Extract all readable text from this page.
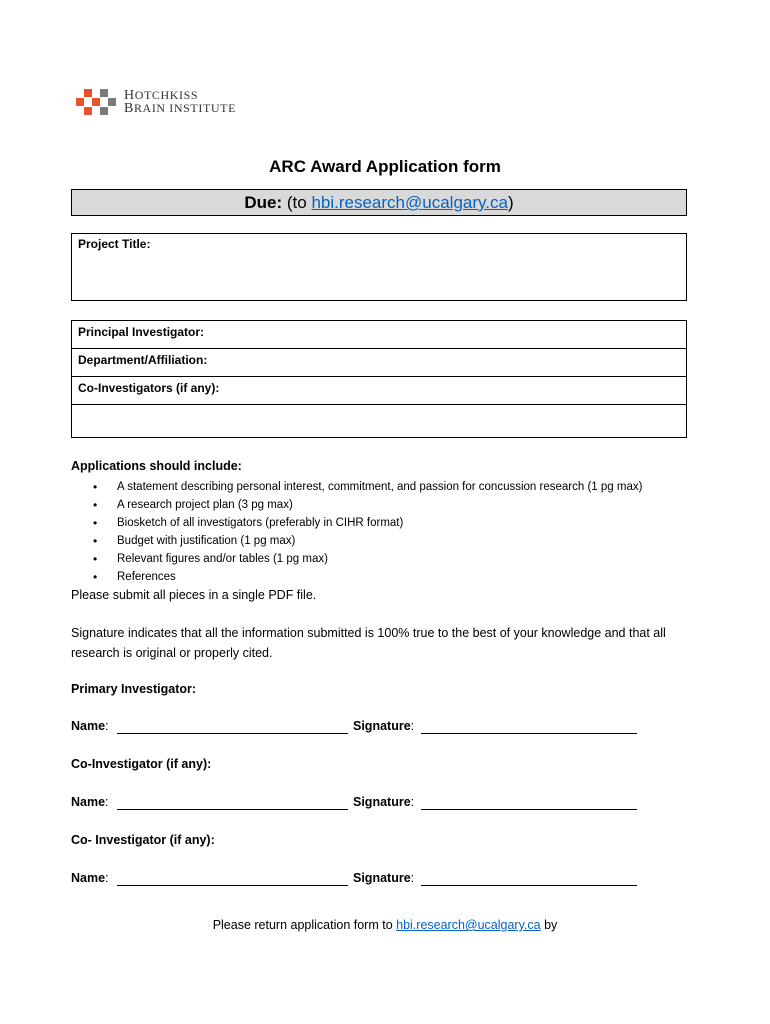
HOTCHKISS
BRAIN INSTITUTE
ARC Award Application form
Due: (to hbi.research@ucalgary.ca)
Project Title:
Principal Investigator:
Department/Affiliation:
Co-Investigators (if any):
Applications should include:
• A statement describing personal interest, commitment, and passion for concussion research (1 pg max)
• A research project plan (3 pg max)
• Biosketch of all investigators (preferably in CIHR format)
• Budget with justification (1 pg max)
• Relevant figures and/or tables (1 pg max)
• References
Please submit all pieces in a single PDF file.
Signature indicates that all the information submitted is 100% true to the best of your knowledge and that all research is original or properly cited.
Primary Investigator:
Name:	Signature:
Co-Investigator (if any):
Name:	Signature:
Co- Investigator (if any):
Name:	Signature:
Please return application form to hbi.research@ucalgary.ca by
